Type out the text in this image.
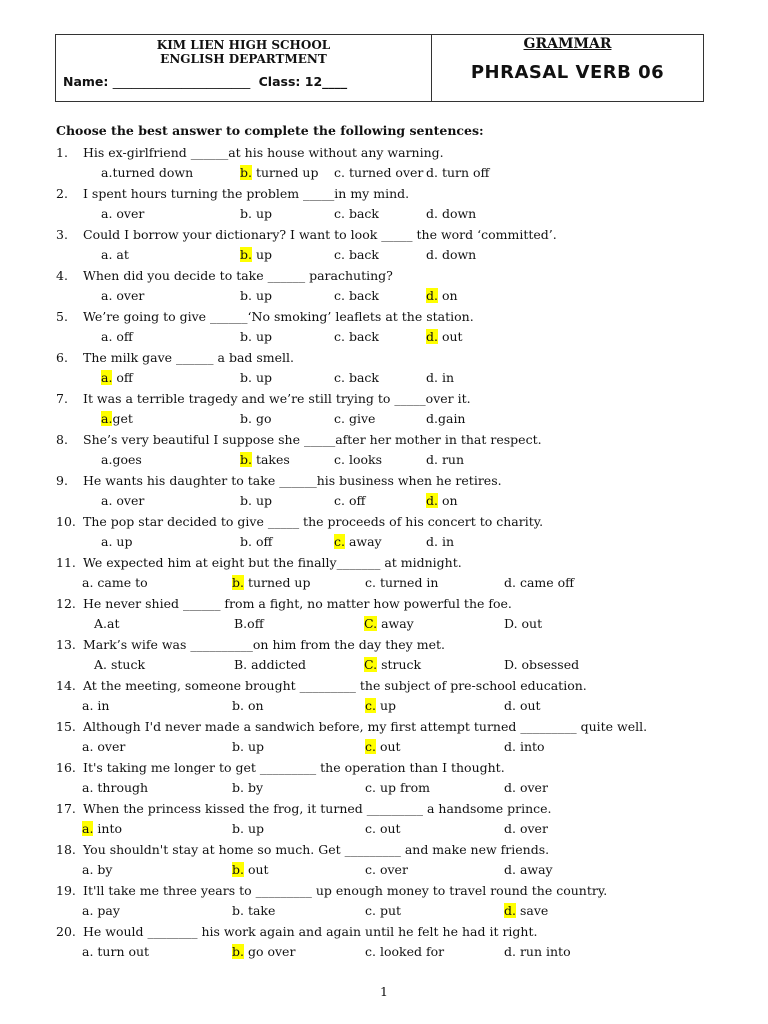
KIM LIEN HIGH SCHOOL
ENGLISH DEPARTMENT
Name: ______________________ Class: 12____
GRAMMAR
PHRASAL VERB 06
Choose the best answer to complete the following sentences:
1. His ex-girlfriend ______at his house without any warning.
a.turned down	b. turned up c. turned over d. turn off
2. I spent hours turning the problem _____in my mind.
a. over	b. up	c. back	d. down
3. Could I borrow your dictionary? I want to look _____ the word ‘committed’.
a. at	b. up	c. back	d. down
4. When did you decide to take ______ parachuting?
a. over	b. up	c. back	d. on
5. We’re going to give ______‘No smoking’ leaflets at the station.
a. off	b. up	c. back	d. out
6. The milk gave ______ a bad smell.
a. off	b. up	c. back	d. in
7. It was a terrible tragedy and we’re still trying to _____over it.
a.get	b. go	c. give	d.gain
8. She’s very beautiful I suppose she _____after her mother in that respect.
a.goes	b. takes	c. looks	d. run
9. He wants his daughter to take ______his business when he retires.
a. over	b. up	c. off	d. on
10. The pop star decided to give _____ the proceeds of his concert to charity.
a. up	b. off	c. away	d. in
11. We expected him at eight but the finally_______ at midnight.
a. came to	b. turned up	c. turned in	d. came off
12. He never shied ______ from a fight, no matter how powerful the foe.
A.at	B.off	C. away	D. out
13. Mark’s wife was __________on him from the day they met.
A. stuck	B. addicted	C. struck	D. obsessed
14. At the meeting, someone brought _________ the subject of pre-school education.
a. in	b. on	c. up	d. out
15. Although I'd never made a sandwich before, my first attempt turned _________ quite well.
a. over	b. up	c. out	d. into
16. It's taking me longer to get _________ the operation than I thought.
a. through	b. by	c. up from	d. over
17. When the princess kissed the frog, it turned _________ a handsome prince.
a. into	b. up	c. out	d. over
18. You shouldn't stay at home so much. Get _________ and make new friends.
a. by	b. out	c. over	d. away
19. It'll take me three years to _________ up enough money to travel round the country.
a. pay	b. take	c. put	d. save
20. He would ________ his work again and again until he felt he had it right.
a. turn out	b. go over	c. looked for	d. run into
1
